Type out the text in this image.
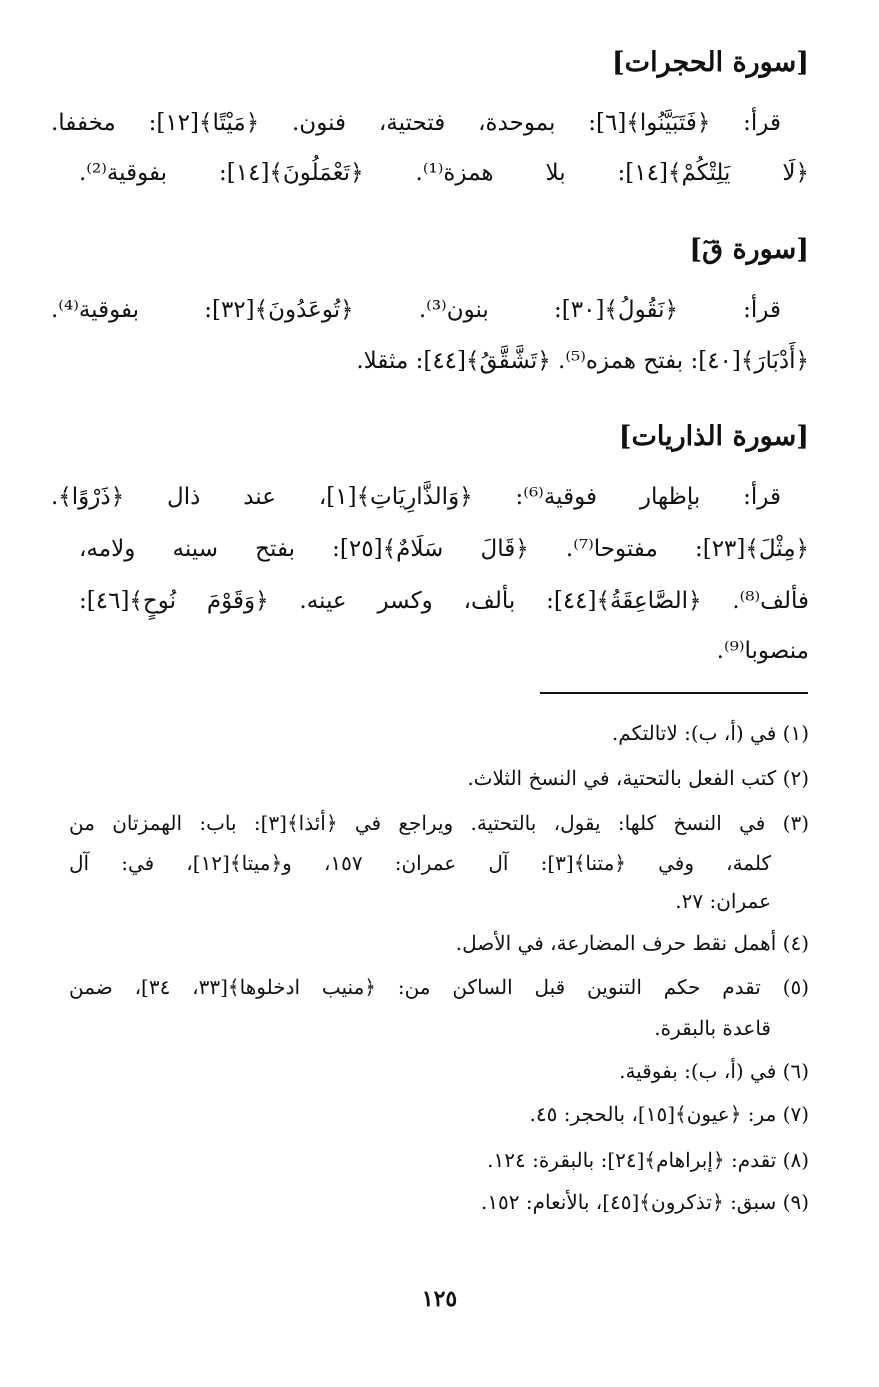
[سورة الحجرات]
قرأ: ﴿فَتَبَيَّنُوا﴾[٦]: بموحدة، فتحتية، فنون. ﴿مَيْتًا﴾[١٢]: مخففا.
﴿لَا يَلِتْكُمْ﴾[١٤]: بلا همزة⁽¹⁾. ﴿تَعْمَلُونَ﴾[١٤]: بفوقية⁽²⁾.
[سورة قٓ]
قرأ: ﴿نَقُولُ﴾[٣٠]: بنون⁽³⁾. ﴿تُوعَدُونَ﴾[٣٢]: بفوقية⁽⁴⁾.
﴿أَدْبَارَ﴾[٤٠]: بفتح همزه⁽⁵⁾. ﴿تَشَّقَّقُ﴾[٤٤]: مثقلا.
[سورة الذاريات]
قرأ: بإظهار فوقية⁽⁶⁾: ﴿وَالذَّارِيَاتِ﴾[١]، عند ذال ﴿ذَرْوًا﴾.
﴿مِثْلَ﴾[٢٣]: مفتوحا⁽⁷⁾. ﴿قَالَ سَلَامٌ﴾[٢٥]: بفتح سينه ولامه،
فألف⁽⁸⁾. ﴿الصَّاعِقَةُ﴾[٤٤]: بألف، وكسر عينه. ﴿وَقَوْمَ نُوحٍ﴾[٤٦]:
منصوبا⁽⁹⁾.
(١) في (أ، ب): لاتالتكم.
(٢) كتب الفعل بالتحتية، في النسخ الثلاث.
(٣) في النسخ كلها: يقول، بالتحتية. ويراجع في ﴿أئذا﴾[٣]: باب: الهمزتان من
كلمة، وفي ﴿متنا﴾[٣]: آل عمران: ١٥٧، و﴿ميتا﴾[١٢]، في: آل
عمران: ٢٧.
(٤) أهمل نقط حرف المضارعة، في الأصل.
(٥) تقدم حكم التنوين قبل الساكن من: ﴿منيب ادخلوها﴾[٣٣، ٣٤]، ضمن
قاعدة بالبقرة.
(٦) في (أ، ب): بفوقية.
(٧) مر: ﴿عيون﴾[١٥]، بالحجر: ٤٥.
(٨) تقدم: ﴿إبراهام﴾[٢٤]: بالبقرة: ١٢٤.
(٩) سبق: ﴿تذكرون﴾[٤٥]، بالأنعام: ١٥٢.
١٢٥
